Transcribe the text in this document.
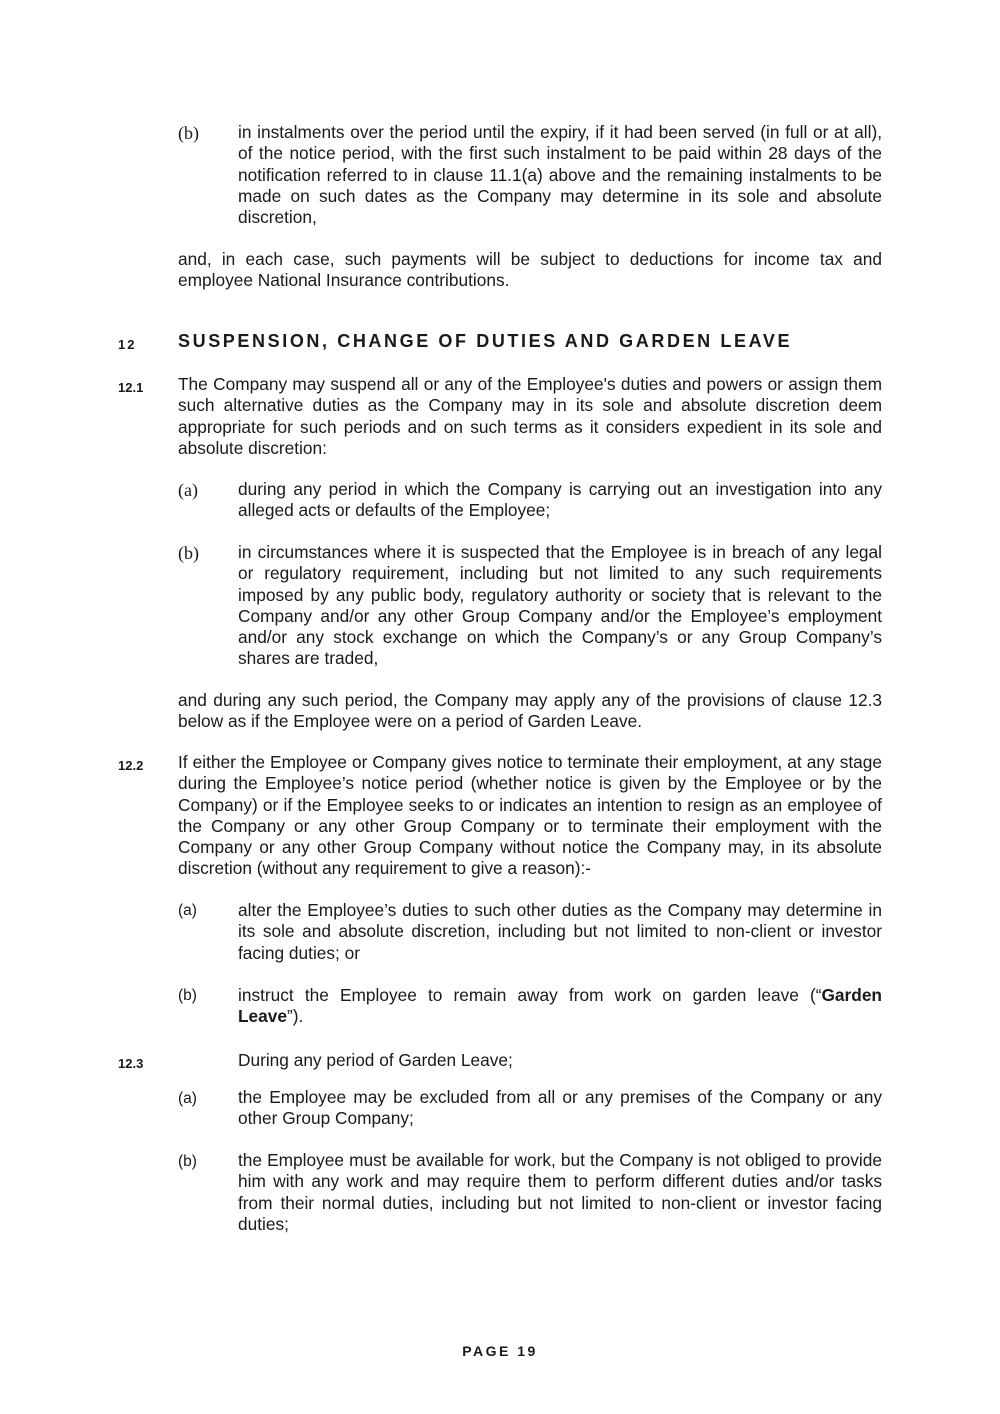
(b) in instalments over the period until the expiry, if it had been served (in full or at all), of the notice period, with the first such instalment to be paid within 28 days of the notification referred to in clause 11.1(a) above and the remaining instalments to be made on such dates as the Company may determine in its sole and absolute discretion,
and, in each case, such payments will be subject to deductions for income tax and employee National Insurance contributions.
12 SUSPENSION, CHANGE OF DUTIES AND GARDEN LEAVE
12.1 The Company may suspend all or any of the Employee's duties and powers or assign them such alternative duties as the Company may in its sole and absolute discretion deem appropriate for such periods and on such terms as it considers expedient in its sole and absolute discretion:
(a) during any period in which the Company is carrying out an investigation into any alleged acts or defaults of the Employee;
(b) in circumstances where it is suspected that the Employee is in breach of any legal or regulatory requirement, including but not limited to any such requirements imposed by any public body, regulatory authority or society that is relevant to the Company and/or any other Group Company and/or the Employee’s employment and/or any stock exchange on which the Company’s or any Group Company’s shares are traded,
and during any such period, the Company may apply any of the provisions of clause 12.3 below as if the Employee were on a period of Garden Leave.
12.2 If either the Employee or Company gives notice to terminate their employment, at any stage during the Employee’s notice period (whether notice is given by the Employee or by the Company) or if the Employee seeks to or indicates an intention to resign as an employee of the Company or any other Group Company or to terminate their employment with the Company or any other Group Company without notice the Company may, in its absolute discretion (without any requirement to give a reason):-
(a) alter the Employee’s duties to such other duties as the Company may determine in its sole and absolute discretion, including but not limited to non-client or investor facing duties; or
(b) instruct the Employee to remain away from work on garden leave (“Garden Leave”).
12.3	During any period of Garden Leave;
(a) the Employee may be excluded from all or any premises of the Company or any other Group Company;
(b) the Employee must be available for work, but the Company is not obliged to provide him with any work and may require them to perform different duties and/or tasks from their normal duties, including but not limited to non-client or investor facing duties;
PAGE 19
